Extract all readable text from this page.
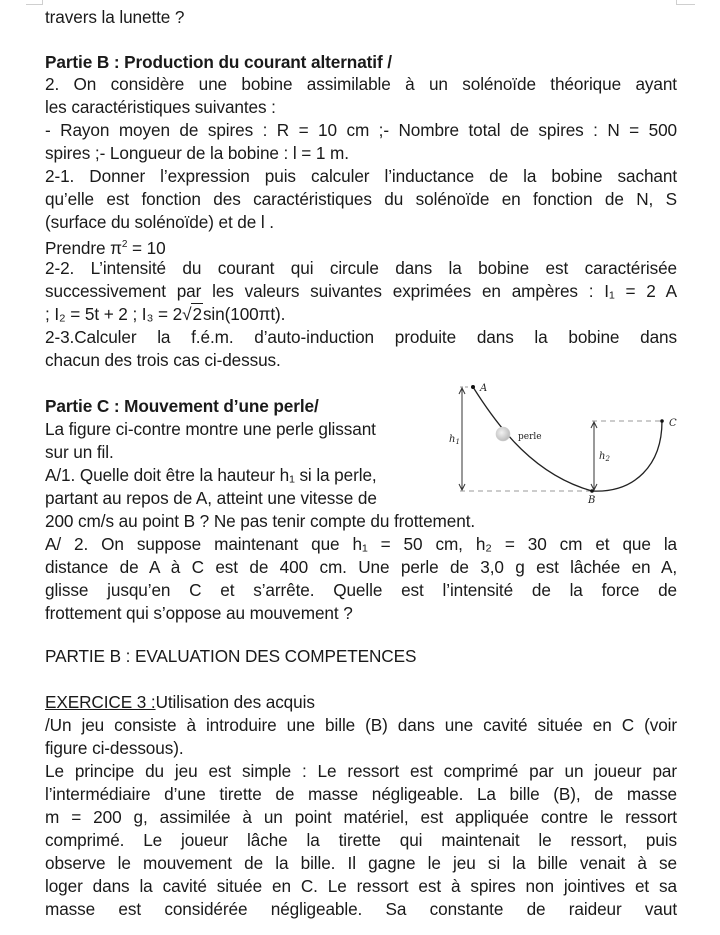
travers la lunette ?
Partie B : Production du courant alternatif /
2. On considère une bobine assimilable à un solénoïde théorique ayant
les caractéristiques suivantes :
- Rayon moyen de spires : R = 10 cm ;- Nombre total de spires : N = 500
spires ;- Longueur de la bobine : l = 1 m.
2-1. Donner l’expression puis calculer l’inductance de la bobine sachant
qu’elle est fonction des caractéristiques du solénoïde en fonction de N, S
(surface du solénoïde) et de l .
Prendre $\pi^2 = 10$
2-2. L’intensité du courant qui circule dans la bobine est caractérisée
successivement par les valeurs suivantes exprimées en ampères : I₁ = 2 A
; I₂ = 5t + 2 ; I₃ = 2√2sin(100πt).
2-3.Calculer la f.é.m. d’auto-induction produite dans la bobine dans
chacun des trois cas ci-dessus.
Partie C : Mouvement d’une perle/
La figure ci-contre montre une perle glissant
sur un fil.
A/1. Quelle doit être la hauteur h₁ si la perle,
partant au repos de A, atteint une vitesse de
200 cm/s au point B ? Ne pas tenir compte du frottement.
A/ 2. On suppose maintenant que h₁ = 50 cm, h₂ = 30 cm et que la
distance de A à C est de 400 cm. Une perle de 3,0 g est lâchée en A,
glisse jusqu’en C et s’arrête. Quelle est l’intensité de la force de
frottement qui s’oppose au mouvement ?
PARTIE B : EVALUATION DES COMPETENCES
EXERCICE 3 :Utilisation des acquis
/Un jeu consiste à introduire une bille (B) dans une cavité située en C (voir
figure ci-dessous).
Le principe du jeu est simple : Le ressort est comprimé par un joueur par
l’intermédiaire d’une tirette de masse négligeable. La bille (B), de masse
m = 200 g, assimilée à un point matériel, est appliquée contre le ressort
comprimé. Le joueur lâche la tirette qui maintenait le ressort, puis
observe le mouvement de la bille. Il gagne le jeu si la bille venait à se
loger dans la cavité située en C. Le ressort est à spires non jointives et sa
masse est considérée négligeable. Sa constante de raideur vaut
A
C
B
perle
$h_1$
$h_2$
